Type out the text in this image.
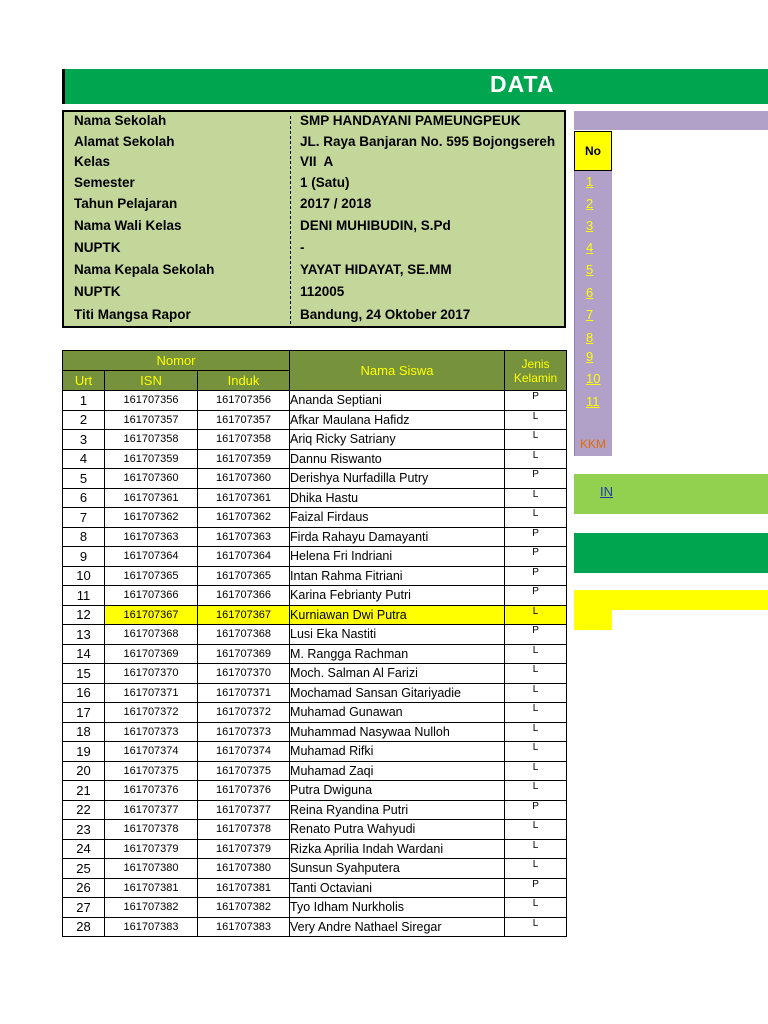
DATA
Nama Sekolah	SMP HANDAYANI PAMEUNGPEUK
Alamat Sekolah	JL. Raya Banjaran No. 595 Bojongsereh
Kelas	VII  A
Semester	1 (Satu)
Tahun Pelajaran	2017 / 2018
Nama Wali Kelas	DENI MUHIBUDIN, S.Pd
NUPTK	-
Nama Kepala Sekolah	YAYAT HIDAYAT, SE.MM
NUPTK	112005
Titi Mangsa Rapor	Bandung, 24 Oktober 2017
Nomor			Nama Siswa	Jenis
Kelamin

Urt	ISN	Induk		
1	161707356	161707356	Ananda Septiani	P
2	161707357	161707357	Afkar Maulana Hafidz	L
3	161707358	161707358	Ariq Ricky Satriany	L
4	161707359	161707359	Dannu Riswanto	L
5	161707360	161707360	Derishya Nurfadilla Putry	P
6	161707361	161707361	Dhika Hastu	L
7	161707362	161707362	Faizal Firdaus	L
8	161707363	161707363	Firda Rahayu Damayanti	P
9	161707364	161707364	Helena Fri Indriani	P
10	161707365	161707365	Intan Rahma Fitriani	P
11	161707366	161707366	Karina Febrianty Putri	P
12	161707367	161707367	Kurniawan Dwi Putra	L
13	161707368	161707368	Lusi Eka Nastiti	P
14	161707369	161707369	M. Rangga Rachman	L
15	161707370	161707370	Moch. Salman Al Farizi	L
16	161707371	161707371	Mochamad Sansan Gitariyadie	L
17	161707372	161707372	Muhamad Gunawan	L
18	161707373	161707373	Muhammad Nasywaa Nulloh	L
19	161707374	161707374	Muhamad Rifki	L
20	161707375	161707375	Muhamad Zaqi	L
21	161707376	161707376	Putra Dwiguna	L
22	161707377	161707377	Reina Ryandina Putri	P
23	161707378	161707378	Renato Putra Wahyudi	L
24	161707379	161707379	Rizka Aprilia Indah Wardani	L
25	161707380	161707380	Sunsun Syahputera	L
26	161707381	161707381	Tanti Octaviani	P
27	161707382	161707382	Tyo Idham Nurkholis	L
28	161707383	161707383	Very Andre Nathael Siregar	L
No
1
2
3
4
5
6
7
8
9
10
11
KKM
IN
